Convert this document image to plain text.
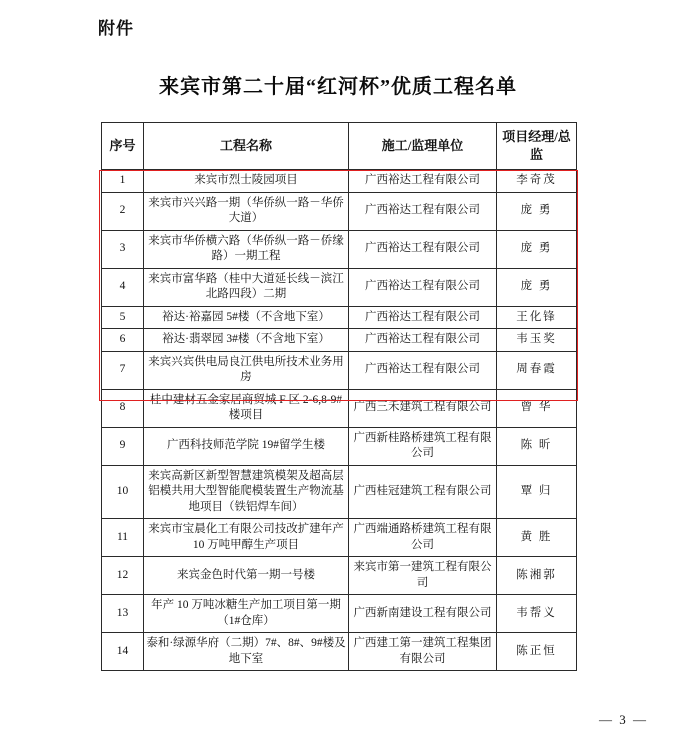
附件
来宾市第二十届“红河杯”优质工程名单
序号	工程名称	施工/监理单位	项目经理/总监
1	来宾市烈士陵园项目	广西裕达工程有限公司	李奇茂
2	来宾市兴兴路一期（华侨纵一路－华侨大道）	广西裕达工程有限公司	庞 勇
3	来宾市华侨横六路（华侨纵一路－侨缘路）一期工程	广西裕达工程有限公司	庞 勇
4	来宾市富华路（桂中大道延长线－滨江北路四段）二期	广西裕达工程有限公司	庞 勇
5	裕达·裕嘉园 5#楼（不含地下室）	广西裕达工程有限公司	王化锋
6	裕达·翡翠园 3#楼（不含地下室）	广西裕达工程有限公司	韦玉奖
7	来宾兴宾供电局良江供电所技术业务用房	广西裕达工程有限公司	周春霞
8	桂中建材五金家居商贸城 F 区 2-6,8-9#楼项目	广西三禾建筑工程有限公司	曾 华
9	广西科技师范学院 19#留学生楼	广西新桂路桥建筑工程有限公司	陈 昕
10	来宾高新区新型智慧建筑模架及超高层铝模共用大型智能爬模装置生产物流基地项目（铁铝焊车间）	广西桂冠建筑工程有限公司	覃 归
11	来宾市宝晨化工有限公司技改扩建年产 10 万吨甲醇生产项目	广西端通路桥建筑工程有限公司	黄 胜
12	来宾金色时代第一期一号楼	来宾市第一建筑工程有限公司	陈湘郭
13	年产 10 万吨冰糖生产加工项目第一期（1#仓库）	广西新南建设工程有限公司	韦帮义
14	泰和·绿源华府（二期）7#、8#、9#楼及地下室	广西建工第一建筑工程集团有限公司	陈正恒
— 3 —
